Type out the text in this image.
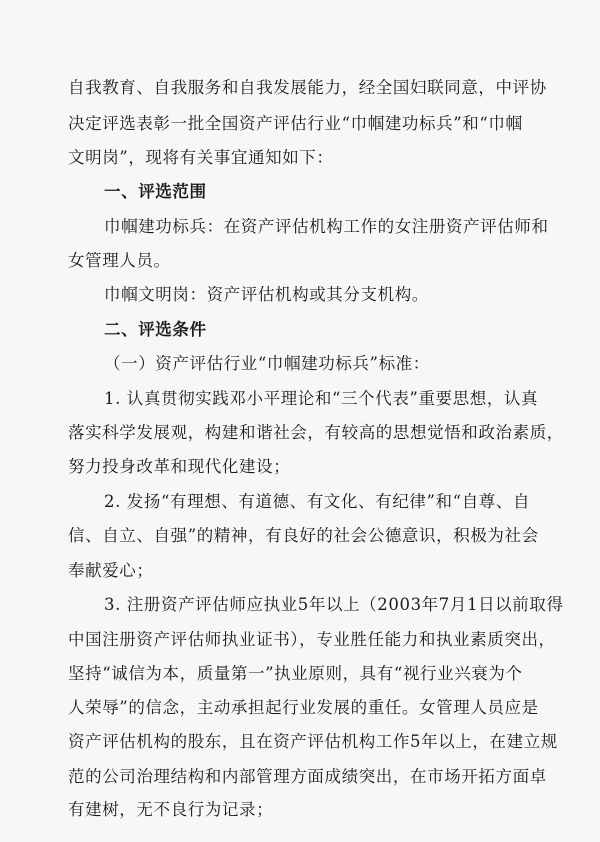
自我教育、自我服务和自我发展能力，经全国妇联同意，中评协
决定评选表彰一批全国资产评估行业“巾帼建功标兵”和“巾帼
文明岗”，现将有关事宜通知如下：
一、评选范围
巾帼建功标兵：在资产评估机构工作的女注册资产评估师和
女管理人员。
巾帼文明岗：资产评估机构或其分支机构。
二、评选条件
（一）资产评估行业“巾帼建功标兵”标准：
1. 认真贯彻实践邓小平理论和“三个代表”重要思想，认真
落实科学发展观，构建和谐社会，有较高的思想觉悟和政治素质，
努力投身改革和现代化建设；
2. 发扬“有理想、有道德、有文化、有纪律”和“自尊、自
信、自立、自强”的精神，有良好的社会公德意识，积极为社会
奉献爱心；
3. 注册资产评估师应执业5年以上（2003年7月1日以前取得
中国注册资产评估师执业证书），专业胜任能力和执业素质突出，
坚持“诚信为本，质量第一”执业原则，具有“视行业兴衰为个
人荣辱”的信念，主动承担起行业发展的重任。女管理人员应是
资产评估机构的股东，且在资产评估机构工作5年以上，在建立规
范的公司治理结构和内部管理方面成绩突出，在市场开拓方面卓
有建树，无不良行为记录；
